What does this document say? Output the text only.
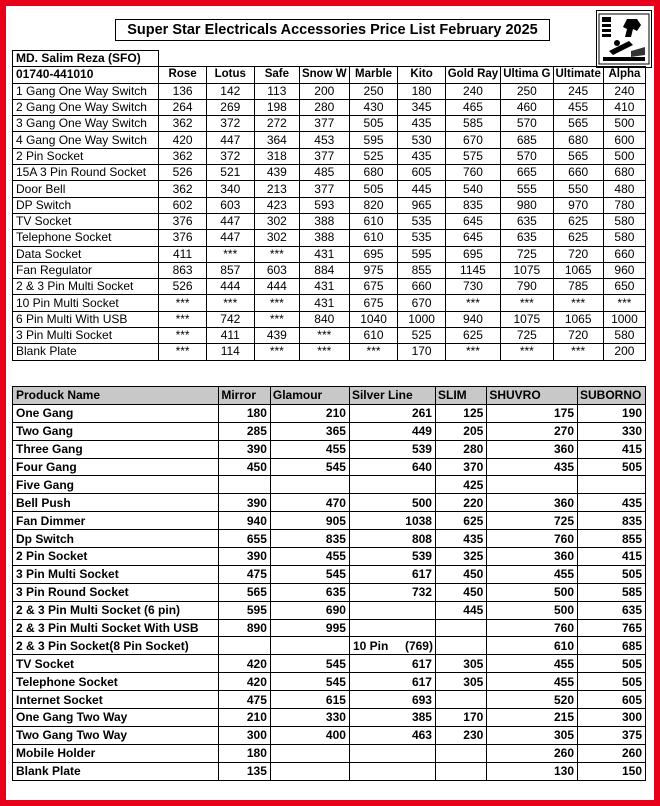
Super Star Electricals Accessories Price List February 2025
MD. Salim Reza (SFO)										
01740-441010	Rose	Lotus	Safe	Snow W	Marble	Kito	Gold Ray	Ultima G	Ultimate	Alpha
1 Gang One Way Switch	136	142	113	200	250	180	240	250	245	240
2 Gang One Way Switch	264	269	198	280	430	345	465	460	455	410
3 Gang One Way Switch	362	372	272	377	505	435	585	570	565	500
4 Gang One Way Switch	420	447	364	453	595	530	670	685	680	600
2 Pin Socket	362	372	318	377	525	435	575	570	565	500
15A 3 Pin Round Socket	526	521	439	485	680	605	760	665	660	680
Door Bell	362	340	213	377	505	445	540	555	550	480
DP Switch	602	603	423	593	820	965	835	980	970	780
TV Socket	376	447	302	388	610	535	645	635	625	580
Telephone Socket	376	447	302	388	610	535	645	635	625	580
Data Socket	411	***	***	431	695	595	695	725	720	660
Fan Regulator	863	857	603	884	975	855	1145	1075	1065	960
2 & 3 Pin Multi Socket	526	444	444	431	675	660	730	790	785	650
10 Pin Multi Socket	***	***	***	431	675	670	***	***	***	***
6 Pin Multi With USB	***	742	***	840	1040	1000	940	1075	1065	1000
3 Pin Multi Socket	***	411	439	***	610	525	625	725	720	580
Blank Plate	***	114	***	***	***	170	***	***	***	200
Produck Name	Mirror	Glamour	Silver Line	SLIM	SHUVRO	SUBORNO
One Gang	180	210	261	125	175	190
Two Gang	285	365	449	205	270	330
Three Gang	390	455	539	280	360	415
Four Gang	450	545	640	370	435	505
Five Gang				425		
Bell Push	390	470	500	220	360	435
Fan Dimmer	940	905	1038	625	725	835
Dp Switch	655	835	808	435	760	855
2 Pin Socket	390	455	539	325	360	415
3 Pin Multi Socket	475	545	617	450	455	505
3 Pin Round Socket	565	635	732	450	500	585
2 & 3 Pin Multi Socket (6 pin)	595	690		445	500	635
2 & 3 Pin Multi Socket With USB	890	995			760	765
2 & 3 Pin Socket(8 Pin Socket)			10 Pin     (769)		610	685
TV Socket	420	545	617	305	455	505
Telephone Socket	420	545	617	305	455	505
Internet Socket	475	615	693		520	605
One Gang Two Way	210	330	385	170	215	300
Two Gang Two Way	300	400	463	230	305	375
Mobile Holder	180				260	260
Blank Plate	135				130	150
